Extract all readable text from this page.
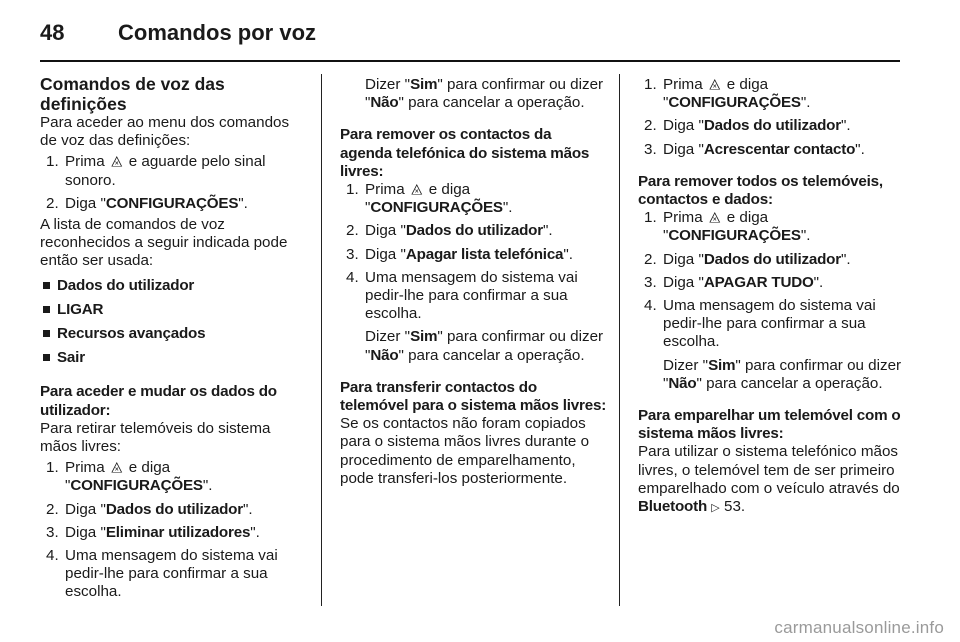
48	Comandos por voz
Comandos de voz das
definições

Para aceder ao menu dos comandos de voz das definições:

1. Prima ⨻ e aguarde pelo sinal sonoro.
2. Diga "CONFIGURAÇÕES".

A lista de comandos de voz reconhecidos a seguir indicada pode então ser usada:

Dados do utilizador
LIGAR
Recursos avançados
Sair

Para aceder e mudar os dados do
utilizador:

Para retirar telemóveis do sistema mãos livres:

1. Prima ⨻ e diga
"CONFIGURAÇÕES".
2. Diga "Dados do utilizador".
3. Diga "Eliminar utilizadores".
4. Uma mensagem do sistema vai pedir-lhe para confirmar a sua escolha.

Dizer "Sim" para confirmar ou dizer "Não" para cancelar a operação.

Para remover os contactos da
agenda telefónica do sistema mãos
livres:

1. Prima ⨻ e diga
"CONFIGURAÇÕES".
2. Diga "Dados do utilizador".
3. Diga "Apagar lista telefónica".
4. Uma mensagem do sistema vai pedir-lhe para confirmar a sua escolha.

Dizer "Sim" para confirmar ou dizer "Não" para cancelar a operação.

Para transferir contactos do
telemóvel para o sistema mãos livres:

Se os contactos não foram copiados para o sistema mãos livres durante o procedimento de emparelhamento, pode transferi-los posteriormente.

1. Prima ⨻ e diga
"CONFIGURAÇÕES".
2. Diga "Dados do utilizador".
3. Diga "Acrescentar contacto".

Para remover todos os telemóveis,
contactos e dados:

1. Prima ⨻ e diga
"CONFIGURAÇÕES".
2. Diga "Dados do utilizador".
3. Diga "APAGAR TUDO".
4. Uma mensagem do sistema vai pedir-lhe para confirmar a sua escolha.

Dizer "Sim" para confirmar ou dizer "Não" para cancelar a operação.

Para emparelhar um telemóvel com o
sistema mãos livres:

Para utilizar o sistema telefónico mãos livres, o telemóvel tem de ser primeiro emparelhado com o veículo através do Bluetooth ▷ 53.

carmanualsonline.info
